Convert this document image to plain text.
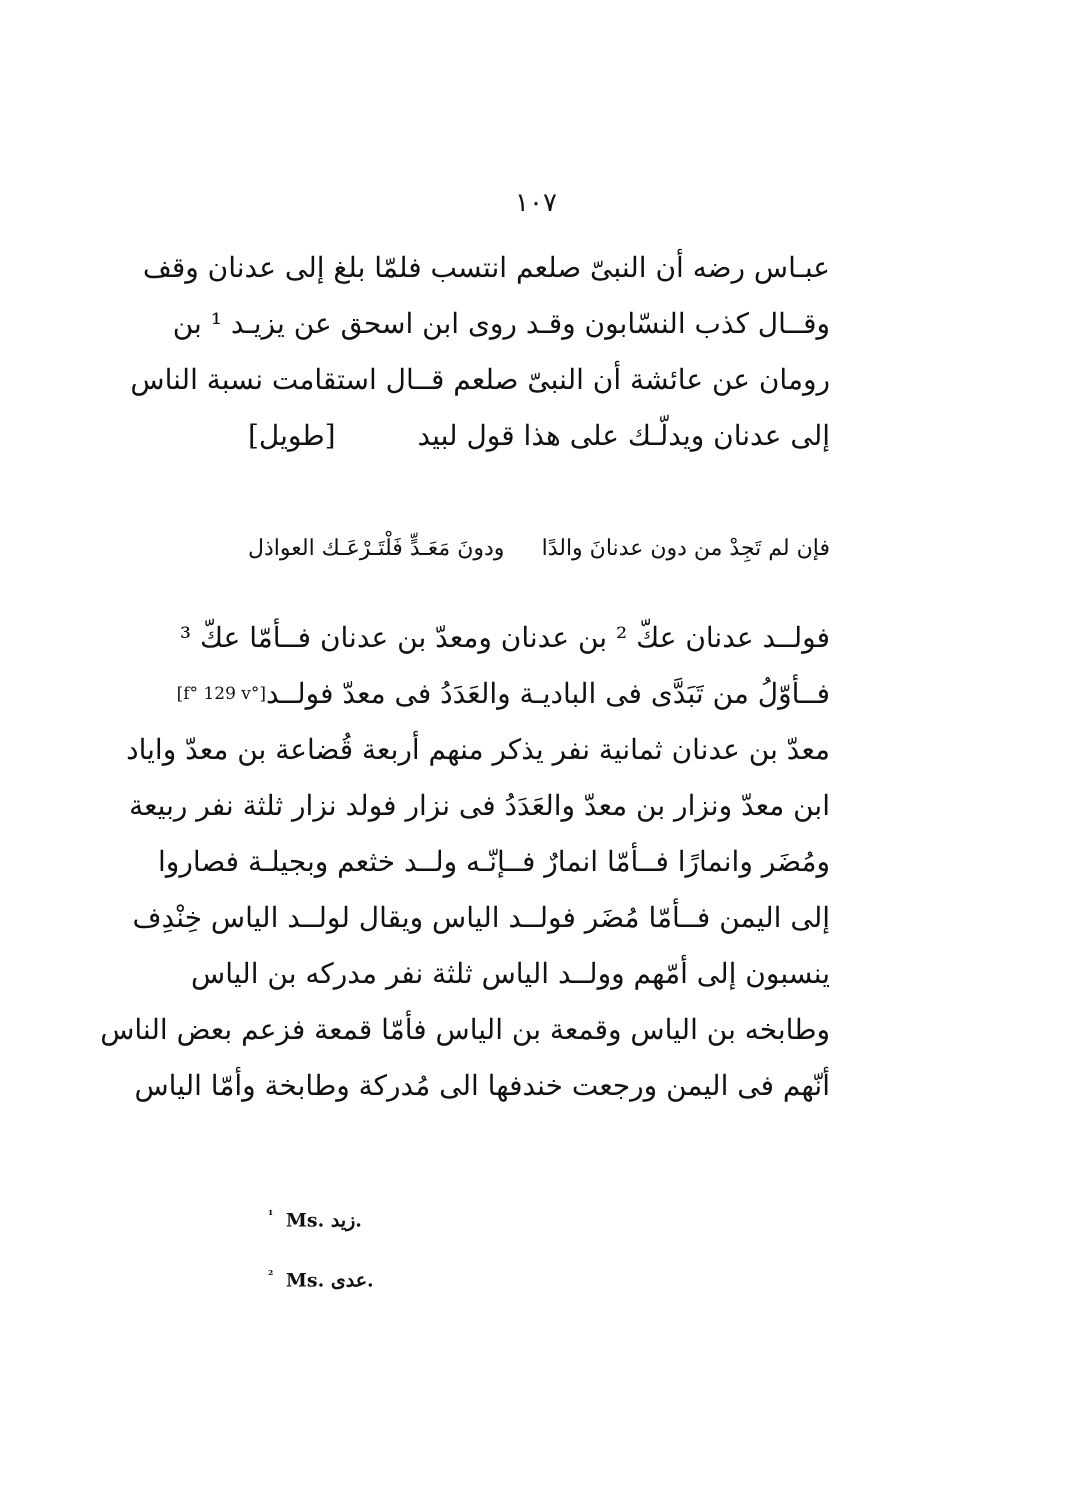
١٠٧
عبـاس رضه أن النبىّ صلعم انتسب فلمّا بلغ إلى عدنان وقف
وقــال كذب النسّابون وقـد روى ابن اسحق عن يزيـد ¹ بن
رومان عن عائشة أن النبىّ صلعم قــال استقامت نسبة الناس
إلى عدنان ويدلّـك على هذا قول لبيد
[طويل]
فإن لم تَجِدْ من دون عدنانَ والدًا
ودونَ مَعَـدٍّ فَلْتَـرْعَـك العواذل
فولــد عدنان عكّ ² بن عدنان ومعدّ بن عدنان فــأمّا عكّ ³
فــأوّلُ من تَبَدَّى فى الباديـة والعَدَدُ فى معدّ فولــد
[f° 129 v°]
معدّ بن عدنان ثمانية نفر يذكر منهم أربعة قُضاعة بن معدّ واياد
ابن معدّ ونزار بن معدّ والعَدَدُ فى نزار فولد نزار ثلثة نفر ربيعة
ومُضَر وانمارًا فــأمّا انمارٌ فــإنّـه ولــد خثعم وبجيلـة فصاروا
إلى اليمن فــأمّا مُضَر فولــد الياس ويقال لولــد الياس خِنْدِف
ينسبون إلى أمّهم وولــد الياس ثلثة نفر مدركه بن الياس
وطابخه بن الياس وقمعة بن الياس فأمّا قمعة فزعم بعض الناس
أنّهم فى اليمن ورجعت خندفها الى مُدركة وطابخة وأمّا الياس
$^{^1}$ Ms. زيد.
$^{^2}$ Ms. عدى.
